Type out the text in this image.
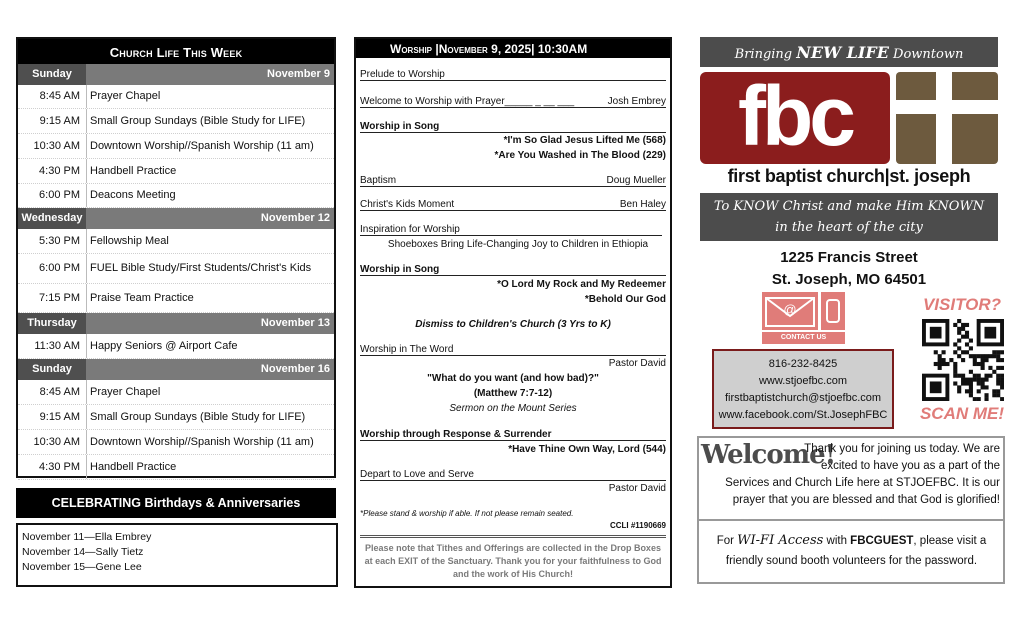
Church Life This Week
Sunday	November 9
8:45 AM Prayer Chapel
9:15 AM Small Group Sundays (Bible Study for LIFE)
10:30 AM Downtown Worship//Spanish Worship (11 am)
4:30 PM Handbell Practice
6:00 PM Deacons Meeting
Wednesday	November 12
5:30 PM Fellowship Meal
6:00 PM FUEL Bible Study/First Students/Christ's Kids
7:15 PM Praise Team Practice
Thursday	November 13
11:30 AM Happy Seniors @ Airport Cafe
Sunday	November 16
8:45 AM Prayer Chapel
9:15 AM Small Group Sundays (Bible Study for LIFE)
10:30 AM Downtown Worship//Spanish Worship (11 am)
4:30 PM Handbell Practice
CELEBRATING Birthdays & Anniversaries
November 11—Ella Embrey
November 14—Sally Tietz
November 15—Gene Lee
Worship |November 9, 2025| 10:30AM
Prelude to Worship
Welcome to Worship with Prayer_____ _ __ ___	Josh Embrey
Worship in Song
*I'm So Glad Jesus Lifted Me (568)
*Are You Washed in The Blood (229)
Baptism	Doug Mueller
Christ's Kids Moment	Ben Haley
Inspiration for Worship
Shoeboxes Bring Life-Changing Joy to Children in Ethiopia
Worship in Song
*O Lord My Rock and My Redeemer
*Behold Our God
Dismiss to Children's Church (3 Yrs to K)
Worship in The Word
Pastor David
"What do you want (and how bad)?"
(Matthew 7:7-12)
Sermon on the Mount Series
Worship through Response & Surrender
*Have Thine Own Way, Lord (544)
Depart to Love and Serve
Pastor David
*Please stand & worship if able. If not please remain seated.
CCLI #1190669
Please note that Tithes and Offerings are collected in the Drop Boxes at each EXIT of the Sanctuary. Thank you for your faithfulness to God and the work of His Church!
Bringing NEW LIFE Downtown
fbc
first baptist church|st. joseph
To KNOW Christ and make Him KNOWN
in the heart of the city
1225 Francis Street
St. Joseph, MO 64501
@
CONTACT US
816-232-8425
www.stjoefbc.com
firstbaptistchurch@stjoefbc.com
www.facebook.com/St.JosephFBC
VISITOR?
SCAN ME!
Welcome!
Thank you for joining us today. We are
excited to have you as a part of the
Services and Church Life here at STJOEFBC. It is our
prayer that you are blessed and that God is glorified!
For WI-FI Access with FBCGUEST, please visit a
friendly sound booth volunteers for the password.
